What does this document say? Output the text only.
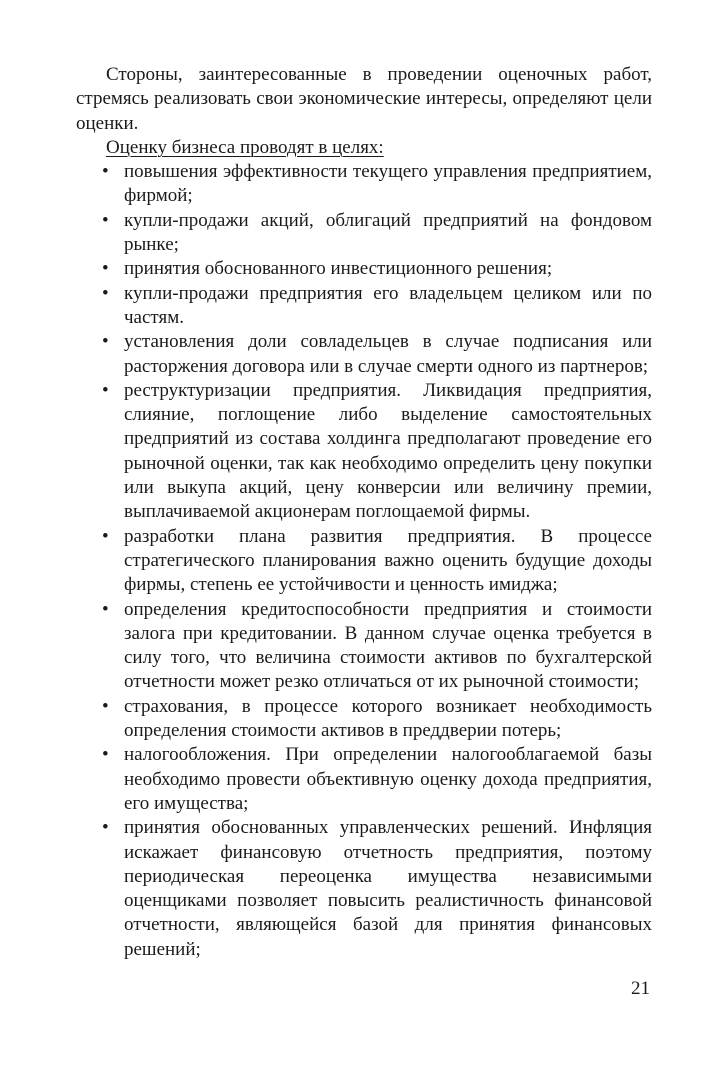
Стороны, заинтересованные в проведении оценочных работ, стремясь реализовать свои экономические интересы, определяют цели оценки.

Оценку бизнеса проводят в целях:

• повышения эффективности текущего управления предприятием, фирмой;
• купли-продажи акций, облигаций предприятий на фондовом рынке;
• принятия обоснованного инвестиционного решения;
• купли-продажи предприятия его владельцем целиком или по частям.
• установления доли совладельцев в случае подписания или расторжения договора или в случае смерти одного из партнеров;
• реструктуризации предприятия. Ликвидация предприятия, слияние, поглощение либо выделение самостоятельных предприятий из состава холдинга предполагают проведение его рыночной оценки, так как необходимо определить цену покупки или выкупа акций, цену конверсии или величину премии, выплачиваемой акционерам поглощаемой фирмы.
• разработки плана развития предприятия. В процессе стратегического планирования важно оценить будущие доходы фирмы, степень ее устойчивости и ценность имиджа;
• определения кредитоспособности предприятия и стоимости залога при кредитовании. В данном случае оценка требуется в силу того, что величина стоимости активов по бухгалтерской отчетности может резко отличаться от их рыночной стоимости;
• страхования, в процессе которого возникает необходимость определения стоимости активов в преддверии потерь;
• налогообложения. При определении налогооблагаемой базы необходимо провести объективную оценку дохода предприятия, его имущества;
• принятия обоснованных управленческих решений. Инфляция искажает финансовую отчетность предприятия, поэтому периодическая переоценка имущества независимыми оценщиками позволяет повысить реалистичность финансовой отчетности, являющейся базой для принятия финансовых решений;
21
